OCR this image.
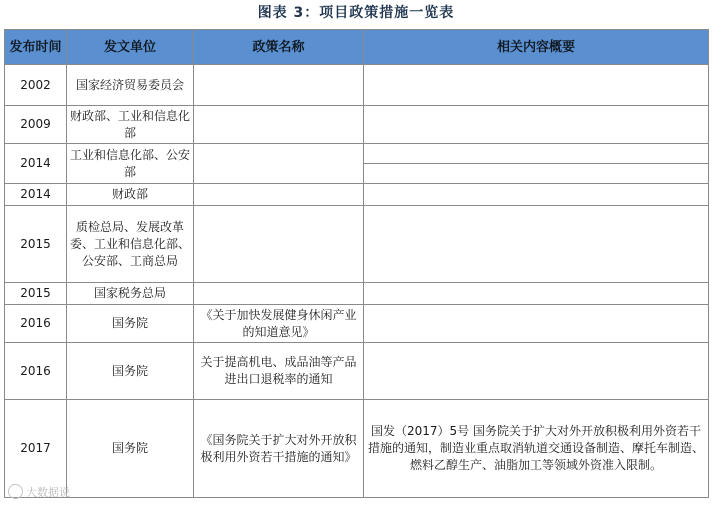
图表 3：项目政策措施一览表
发布时间	发文单位	政策名称	相关内容概要
2002	国家经济贸易委员会		
2009	财政部、工业和信息化部		
2014	工业和信息化部、公安部		

2014	财政部		
2015	质检总局、发展改革委、工业和信息化部、公安部、工商总局		
2015	国家税务总局		
2016	国务院	《关于加快发展健身休闲产业的知道意见》	
2016	国务院	关于提高机电、成品油等产品进出口退税率的通知	
2017	国务院	《国务院关于扩大对外开放积极利用外资若干措施的通知》	国发（2017）5号 国务院关于扩大对外开放积极利用外资若干措施的通知，制造业重点取消轨道交通设备制造、摩托车制造、燃料乙醇生产、油脂加工等领域外资准入限制。
大数据说
